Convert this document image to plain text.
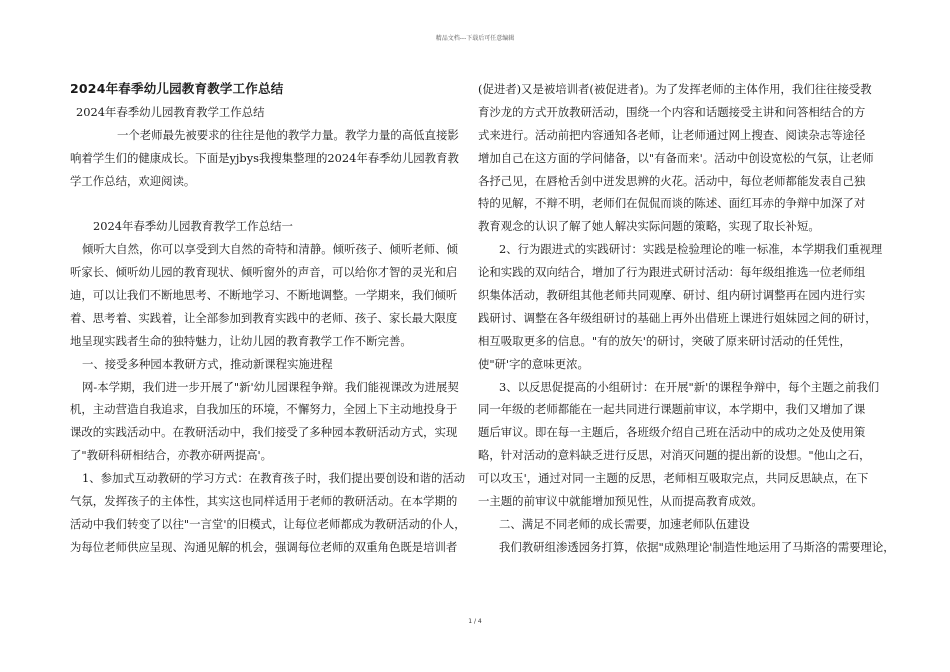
精品文档---下载后可任意编辑
2024年春季幼儿园教育教学工作总结
2024年春季幼儿园教育教学工作总结
一个老师最先被要求的往往是他的教学力量。教学力量的高低直接影
响着学生们的健康成长。下面是yjbys我搜集整理的2024年春季幼儿园教育教
学工作总结，欢迎阅读。
2024年春季幼儿园教育教学工作总结一
倾听大自然，你可以享受到大自然的奇特和清静。倾听孩子、倾听老师、倾
听家长、倾听幼儿园的教育现状、倾听窗外的声音，可以给你才智的灵光和启
迪，可以让我们不断地思考、不断地学习、不断地调整。一学期来，我们倾听
着、思考着、实践着，让全部参加到教育实践中的老师、孩子、家长最大限度
地呈现实践者生命的独特魅力，让幼儿园的教育教学工作不断完善。
一、接受多种园本教研方式，推动新课程实施进程
网-本学期，我们进一步开展了"新'幼儿园课程争辩。我们能视课改为进展契
机，主动营造自我追求，自我加压的环境，不懈努力，全园上下主动地投身于
课改的实践活动中。在教研活动中，我们接受了多种园本教研活动方式，实现
了"教研科研相结合，亦教亦研两提高'。
1、参加式互动教研的学习方式：在教育孩子时，我们提出要创设和谐的活动
气氛，发挥孩子的主体性，其实这也同样适用于老师的教研活动。在本学期的
活动中我们转变了以往"一言堂'的旧模式，让每位老师都成为教研活动的仆人，
为每位老师供应呈现、沟通见解的机会，强调每位老师的双重角色既是培训者
(促进者)又是被培训者(被促进者)。为了发挥老师的主体作用，我们往往接受教
育沙龙的方式开放教研活动，围绕一个内容和话题接受主讲和问答相结合的方
式来进行。活动前把内容通知各老师，让老师通过网上搜查、阅读杂志等途径
增加自己在这方面的学问储备，以"有备而来'。活动中创设宽松的气氛，让老师
各抒己见，在唇枪舌剑中迸发思辨的火花。活动中，每位老师都能发表自己独
特的见解，不辩不明，老师们在侃侃而谈的陈述、面红耳赤的争辩中加深了对
教育观念的认识了解了她人解决实际问题的策略，实现了取长补短。
2、行为跟进式的实践研讨：实践是检验理论的唯一标准，本学期我们重视理
论和实践的双向结合，增加了行为跟进式研讨活动：每年级组推选一位老师组
织集体活动，教研组其他老师共同观摩、研讨、组内研讨调整再在园内进行实
践研讨、调整在各年级组研讨的基础上再外出借班上课进行姐妹园之间的研讨，
相互吸取更多的信息。"有的放矢'的研讨，突破了原来研讨活动的任凭性，
使"研'字的意味更浓。
3、以反思促提高的小组研讨：在开展"新'的课程争辩中，每个主题之前我们
同一年级的老师都能在一起共同进行课题前审议，本学期中，我们又增加了课
题后审议。即在每一主题后，各班级介绍自己班在活动中的成功之处及使用策
略，针对活动的意料缺乏进行反思，对消灭问题的提出新的设想。"他山之石，
可以攻玉'，通过对同一主题的反思，老师相互吸取完点，共同反思缺点，在下
一主题的前审议中就能增加预见性，从而提高教育成效。
二、满足不同老师的成长需要，加速老师队伍建设
我们教研组渗透园务打算，依据"成熟理论'制造性地运用了马斯洛的需要理论，
1 / 4
